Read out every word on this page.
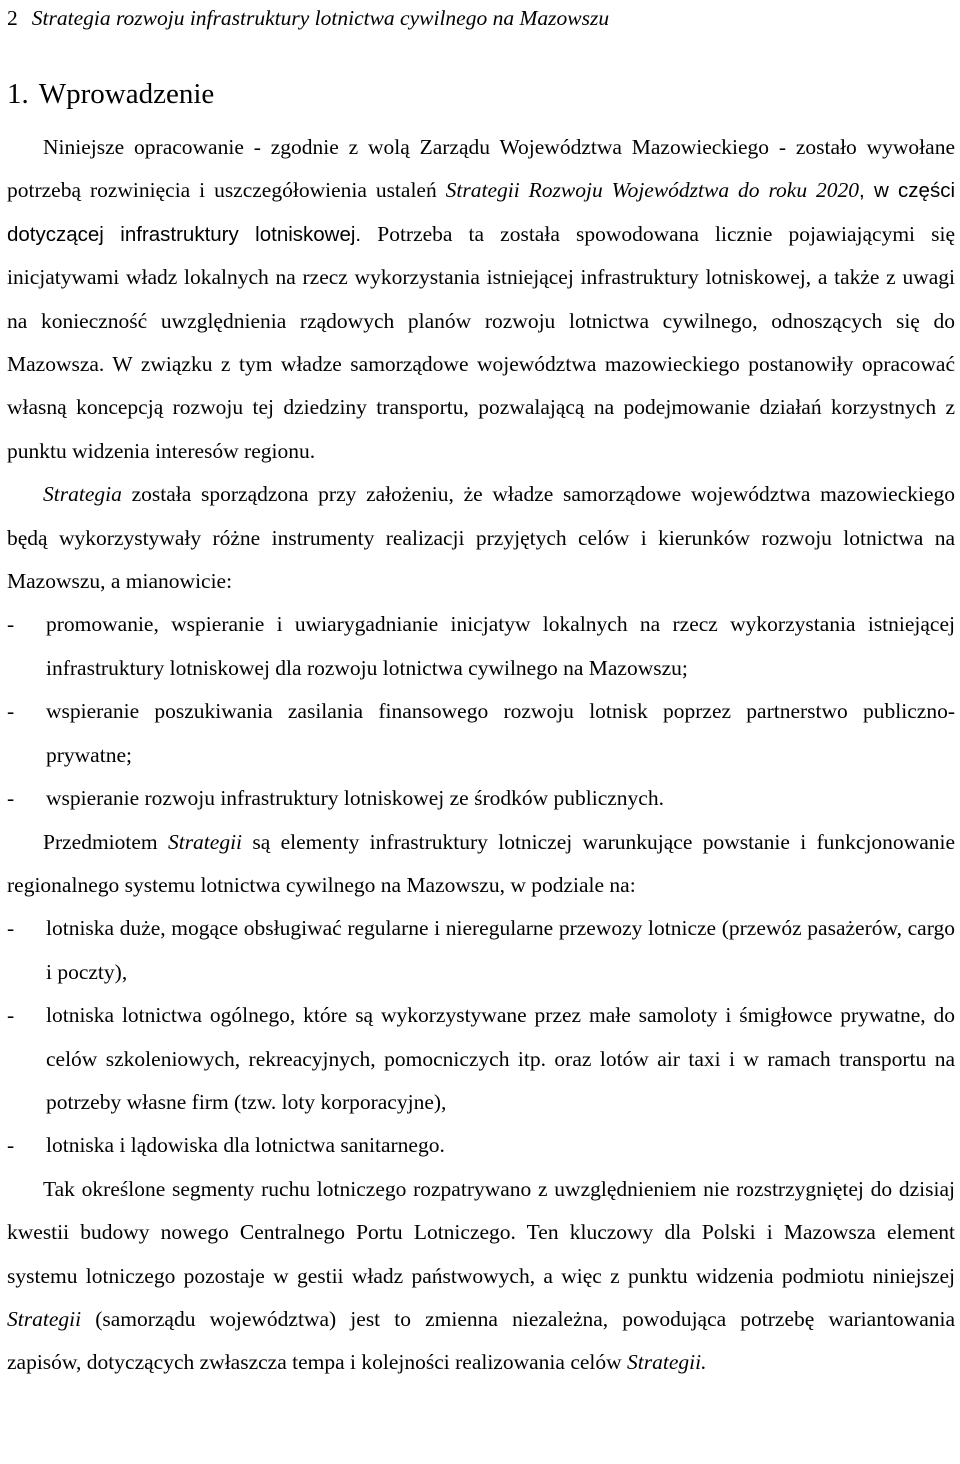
2 Strategia rozwoju infrastruktury lotnictwa cywilnego na Mazowszu
1. Wprowadzenie

Niniejsze opracowanie - zgodnie z wolą Zarządu Województwa Mazowieckiego - zostało wywołane potrzebą rozwinięcia i uszczegółowienia ustaleń Strategii Rozwoju Województwa do roku 2020, w części dotyczącej infrastruktury lotniskowej. Potrzeba ta została spowodowana licznie pojawiającymi się inicjatywami władz lokalnych na rzecz wykorzystania istniejącej infrastruktury lotniskowej, a także z uwagi na konieczność uwzględnienia rządowych planów rozwoju lotnictwa cywilnego, odnoszących się do Mazowsza. W związku z tym władze samorządowe województwa mazowieckiego postanowiły opracować własną koncepcją rozwoju tej dziedziny transportu, pozwalającą na podejmowanie działań korzystnych z punktu widzenia interesów regionu.

Strategia została sporządzona przy założeniu, że władze samorządowe województwa mazowieckiego będą wykorzystywały różne instrumenty realizacji przyjętych celów i kierunków rozwoju lotnictwa na Mazowszu, a mianowicie:

- promowanie, wspieranie i uwiarygadnianie inicjatyw lokalnych na rzecz wykorzystania istniejącej infrastruktury lotniskowej dla rozwoju lotnictwa cywilnego na Mazowszu;
- wspieranie poszukiwania zasilania finansowego rozwoju lotnisk poprzez partnerstwo publiczno-prywatne;
- wspieranie rozwoju infrastruktury lotniskowej ze środków publicznych.

Przedmiotem Strategii są elementy infrastruktury lotniczej warunkujące powstanie i funkcjonowanie regionalnego systemu lotnictwa cywilnego na Mazowszu, w podziale na:

- lotniska duże, mogące obsługiwać regularne i nieregularne przewozy lotnicze (przewóz pasażerów, cargo i poczty),
- lotniska lotnictwa ogólnego, które są wykorzystywane przez małe samoloty i śmigłowce prywatne, do celów szkoleniowych, rekreacyjnych, pomocniczych itp. oraz lotów air taxi i w ramach transportu na potrzeby własne firm (tzw. loty korporacyjne),
- lotniska i lądowiska dla lotnictwa sanitarnego.

Tak określone segmenty ruchu lotniczego rozpatrywano z uwzględnieniem nie rozstrzygniętej do dzisiaj kwestii budowy nowego Centralnego Portu Lotniczego. Ten kluczowy dla Polski i Mazowsza element systemu lotniczego pozostaje w gestii władz państwowych, a więc z punktu widzenia podmiotu niniejszej Strategii (samorządu województwa) jest to zmienna niezależna, powodująca potrzebę wariantowania zapisów, dotyczących zwłaszcza tempa i kolejności realizowania celów Strategii.
